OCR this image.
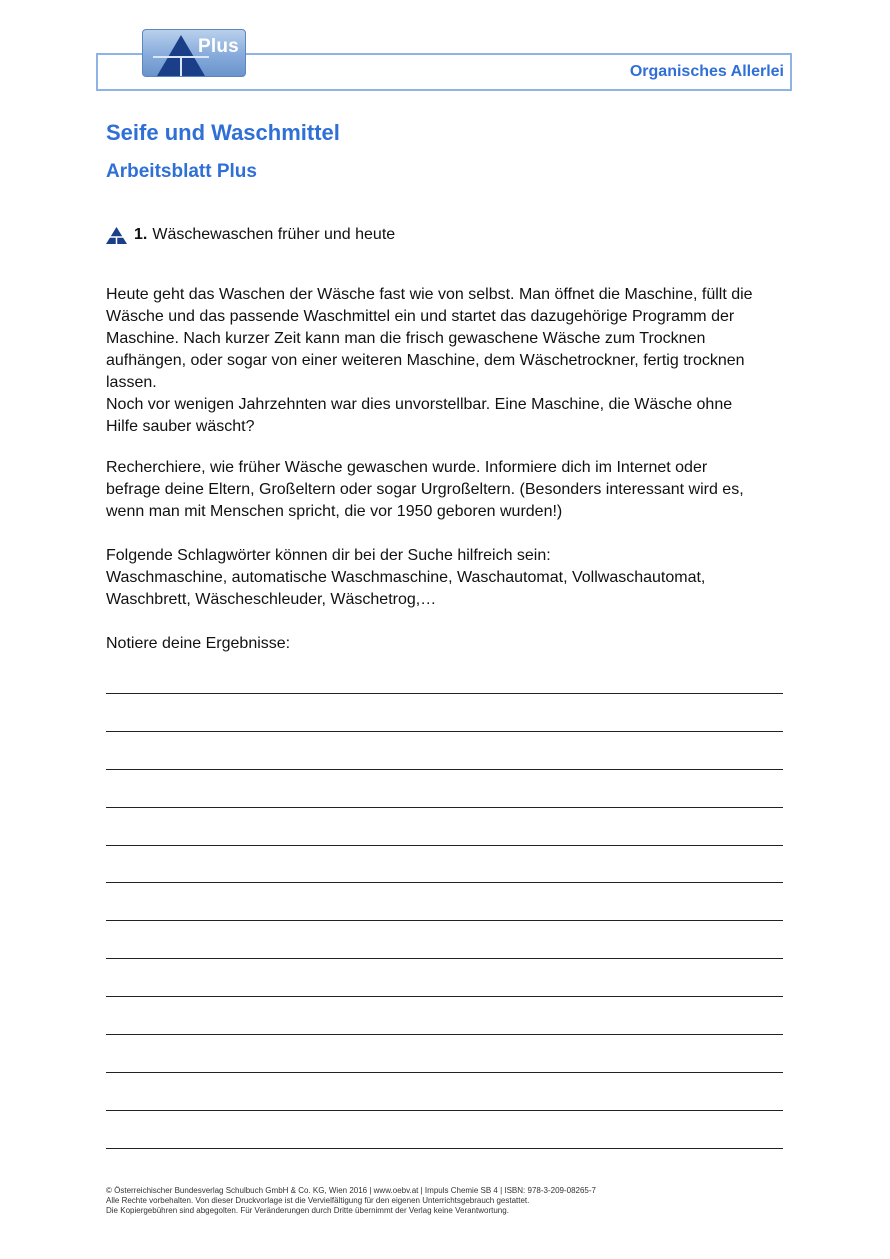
Plus
Organisches Allerlei
Seife und Waschmittel
Arbeitsblatt Plus
1. Wäschewaschen früher und heute

Heute geht das Waschen der Wäsche fast wie von selbst. Man öffnet die Maschine, füllt die
Wäsche und das passende Waschmittel ein und startet das dazugehörige Programm der
Maschine. Nach kurzer Zeit kann man die frisch gewaschene Wäsche zum Trocknen
aufhängen, oder sogar von einer weiteren Maschine, dem Wäschetrockner, fertig trocknen
lassen.
Noch vor wenigen Jahrzehnten war dies unvorstellbar. Eine Maschine, die Wäsche ohne
Hilfe sauber wäscht?

Recherchiere, wie früher Wäsche gewaschen wurde. Informiere dich im Internet oder
befrage deine Eltern, Großeltern oder sogar Urgroßeltern. (Besonders interessant wird es,
wenn man mit Menschen spricht, die vor 1950 geboren wurden!)

Folgende Schlagwörter können dir bei der Suche hilfreich sein:
Waschmaschine, automatische Waschmaschine, Waschautomat, Vollwaschautomat,
Waschbrett, Wäscheschleuder, Wäschetrog,…

Notiere deine Ergebnisse:

© Österreichischer Bundesverlag Schulbuch GmbH & Co. KG, Wien 2016 | www.oebv.at | Impuls Chemie SB 4 | ISBN: 978-3-209-08265-7
Alle Rechte vorbehalten. Von dieser Druckvorlage ist die Vervielfältigung für den eigenen Unterrichtsgebrauch gestattet.
Die Kopiergebühren sind abgegolten. Für Veränderungen durch Dritte übernimmt der Verlag keine Verantwortung.
